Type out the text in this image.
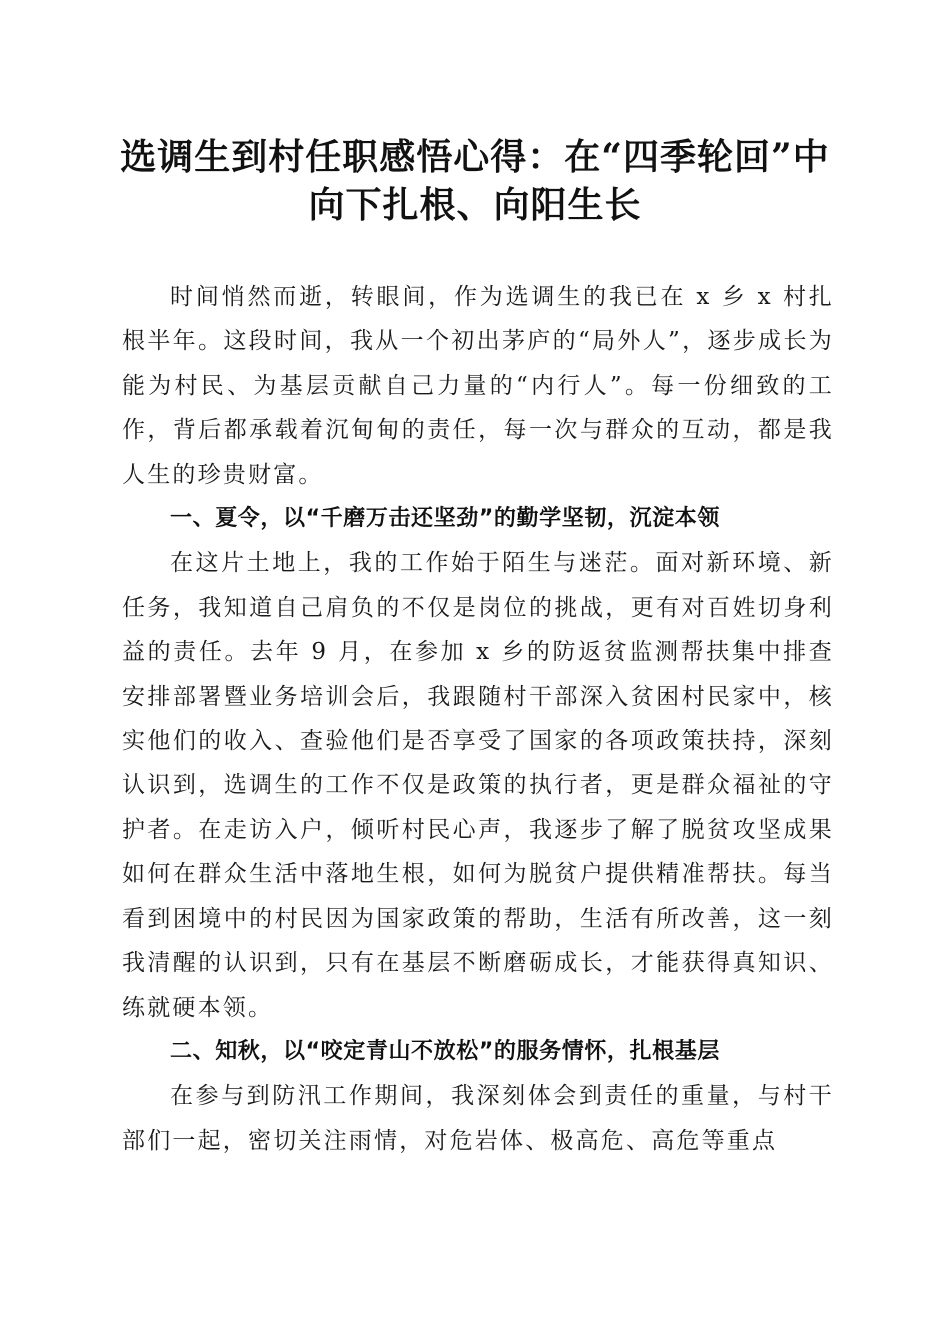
选调生到村任职感悟心得：在“四季轮回”中
向下扎根、向阳生长

时间悄然而逝，转眼间，作为选调生的我已在 x 乡 x 村扎根半年。这段时间，我从一个初出茅庐的“局外人”，逐步成长为能为村民、为基层贡献自己力量的“内行人”。每一份细致的工作，背后都承载着沉甸甸的责任，每一次与群众的互动，都是我人生的珍贵财富。

一、夏令，以“千磨万击还坚劲”的勤学坚韧，沉淀本领

在这片土地上，我的工作始于陌生与迷茫。面对新环境、新任务，我知道自己肩负的不仅是岗位的挑战，更有对百姓切身利益的责任。去年 9 月，在参加 x 乡的防返贫监测帮扶集中排查安排部署暨业务培训会后，我跟随村干部深入贫困村民家中，核实他们的收入、查验他们是否享受了国家的各项政策扶持，深刻认识到，选调生的工作不仅是政策的执行者，更是群众福祉的守护者。在走访入户，倾听村民心声，我逐步了解了脱贫攻坚成果如何在群众生活中落地生根，如何为脱贫户提供精准帮扶。每当看到困境中的村民因为国家政策的帮助，生活有所改善，这一刻我清醒的认识到，只有在基层不断磨砺成长，才能获得真知识、练就硬本领。

二、知秋，以“咬定青山不放松”的服务情怀，扎根基层

在参与到防汛工作期间，我深刻体会到责任的重量，与村干部们一起，密切关注雨情，对危岩体、极高危、高危等重点
